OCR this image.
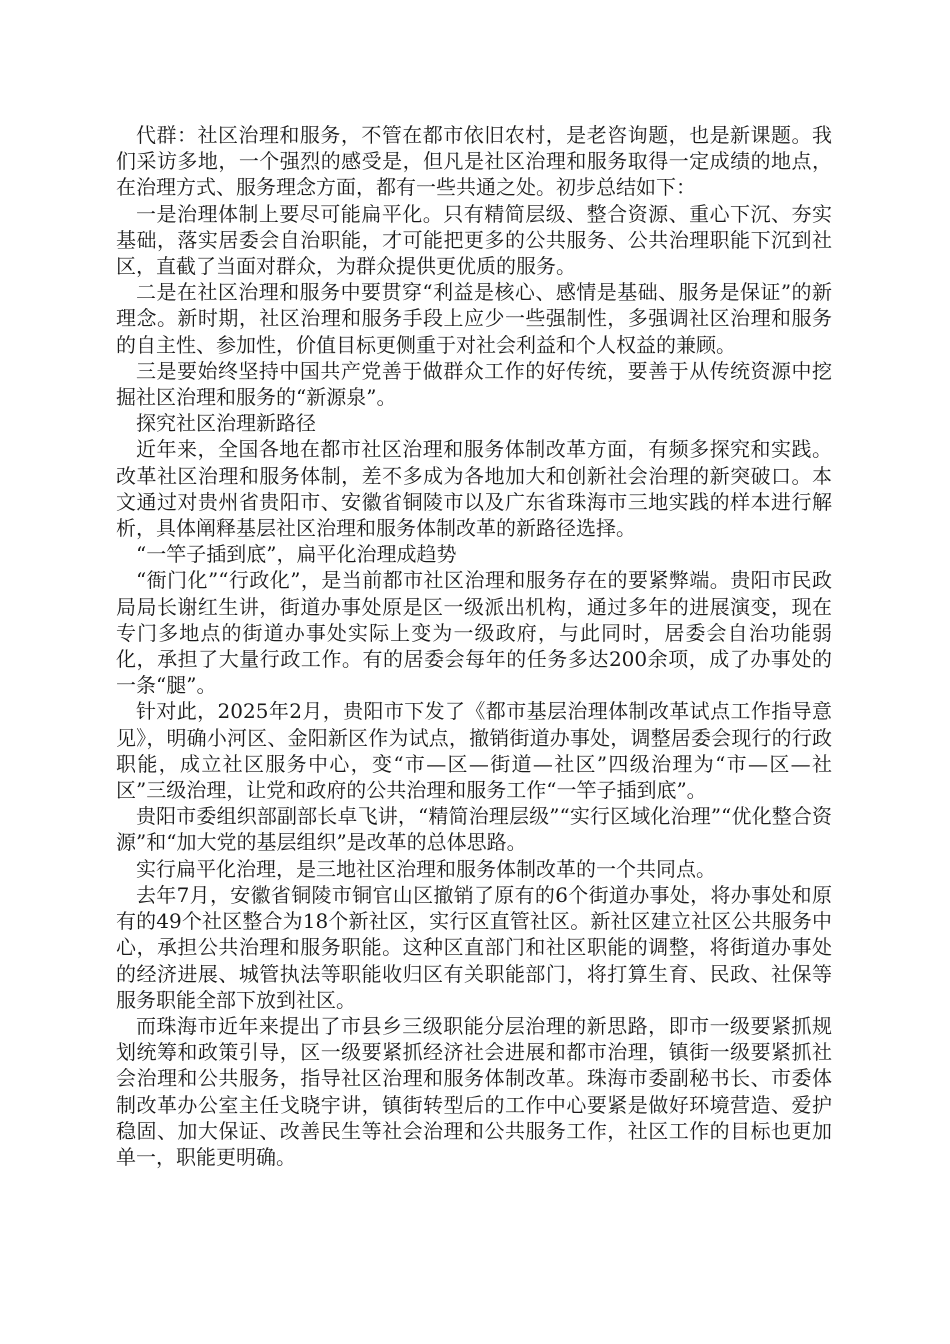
代群：社区治理和服务，不管在都市依旧农村，是老咨询题，也是新课题。我们采访多地，一个强烈的感受是，但凡是社区治理和服务取得一定成绩的地点，在治理方式、服务理念方面，都有一些共通之处。初步总结如下：

一是治理体制上要尽可能扁平化。只有精简层级、整合资源、重心下沉、夯实基础，落实居委会自治职能，才可能把更多的公共服务、公共治理职能下沉到社区，直截了当面对群众，为群众提供更优质的服务。

二是在社区治理和服务中要贯穿“利益是核心、感情是基础、服务是保证”的新理念。新时期，社区治理和服务手段上应少一些强制性，多强调社区治理和服务的自主性、参加性，价值目标更侧重于对社会利益和个人权益的兼顾。

三是要始终坚持中国共产党善于做群众工作的好传统，要善于从传统资源中挖掘社区治理和服务的“新源泉”。

探究社区治理新路径

近年来，全国各地在都市社区治理和服务体制改革方面，有频多探究和实践。改革社区治理和服务体制，差不多成为各地加大和创新社会治理的新突破口。本文通过对贵州省贵阳市、安徽省铜陵市以及广东省珠海市三地实践的样本进行解析，具体阐释基层社区治理和服务体制改革的新路径选择。

“一竿子插到底”，扁平化治理成趋势

“衙门化”“行政化”，是当前都市社区治理和服务存在的要紧弊端。贵阳市民政局局长谢红生讲，街道办事处原是区一级派出机构，通过多年的进展演变，现在专门多地点的街道办事处实际上变为一级政府，与此同时，居委会自治功能弱化，承担了大量行政工作。有的居委会每年的任务多达200余项，成了办事处的一条“腿”。

针对此，2025年2月，贵阳市下发了《都市基层治理体制改革试点工作指导意见》，明确小河区、金阳新区作为试点，撤销街道办事处，调整居委会现行的行政职能，成立社区服务中心，变“市—区—街道—社区”四级治理为“市—区—社区”三级治理，让党和政府的公共治理和服务工作“一竿子插到底”。

贵阳市委组织部副部长卓飞讲，“精简治理层级”“实行区域化治理”“优化整合资源”和“加大党的基层组织”是改革的总体思路。

实行扁平化治理，是三地社区治理和服务体制改革的一个共同点。

去年7月，安徽省铜陵市铜官山区撤销了原有的6个街道办事处，将办事处和原有的49个社区整合为18个新社区，实行区直管社区。新社区建立社区公共服务中心，承担公共治理和服务职能。这种区直部门和社区职能的调整，将街道办事处的经济进展、城管执法等职能收归区有关职能部门，将打算生育、民政、社保等服务职能全部下放到社区。

而珠海市近年来提出了市县乡三级职能分层治理的新思路，即市一级要紧抓规划统筹和政策引导，区一级要紧抓经济社会进展和都市治理，镇街一级要紧抓社会治理和公共服务，指导社区治理和服务体制改革。珠海市委副秘书长、市委体制改革办公室主任戈晓宇讲，镇街转型后的工作中心要紧是做好环境营造、爱护稳固、加大保证、改善民生等社会治理和公共服务工作，社区工作的目标也更加单一，职能更明确。
